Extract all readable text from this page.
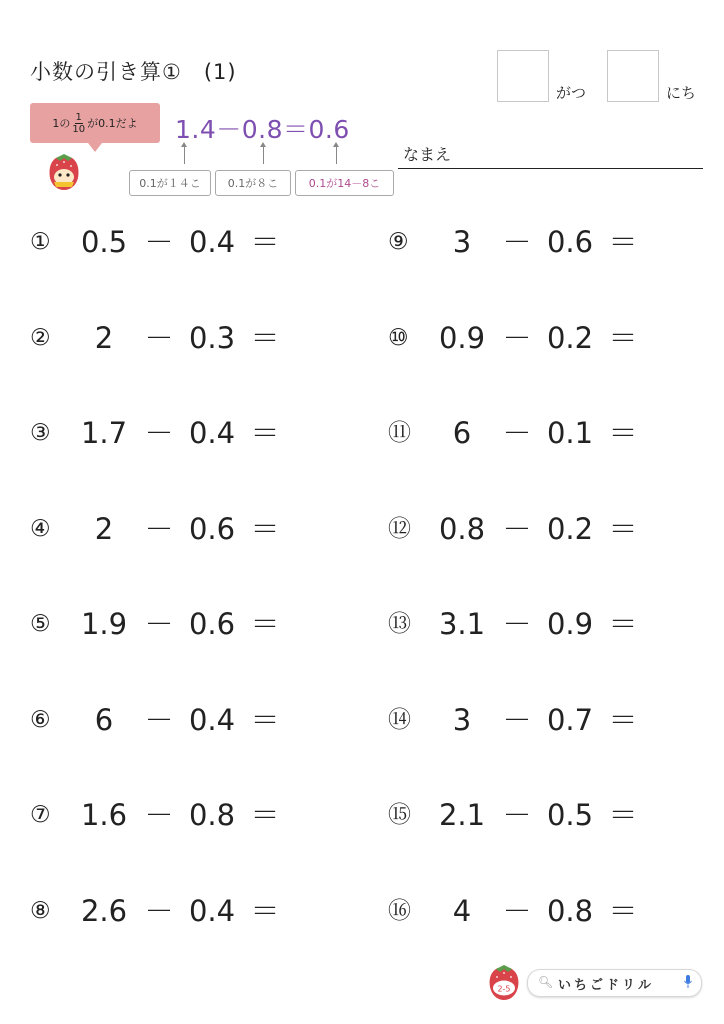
小数の引き算①　(1)
がつ	にち
なまえ
1の $\frac{1}{10}$ が0.1だよ 1.4－0.8＝0.6
0.1が１４こ	0.1が８こ	0.1が14－8こ
①	0.5 － 0.4 ＝
②	2	－ 0.3 ＝
③	1.7 － 0.4 ＝
④	2	－ 0.6 ＝
⑤	1.9 － 0.6 ＝
⑥	6	－ 0.4 ＝
⑦	1.6 － 0.8 ＝
⑧	2.6 － 0.4 ＝
⑨	3	－ 0.6 ＝
⑩	0.9 － 0.2 ＝
⑪	6	－ 0.1 ＝
⑫ 0.8 － 0.2 ＝
⑬ 3.1 － 0.9 ＝
⑭	3	－ 0.7 ＝
⑮ 2.1 － 0.5 ＝
⑯	4	－ 0.8 ＝
2-5 🔍︎ いちごドリル
